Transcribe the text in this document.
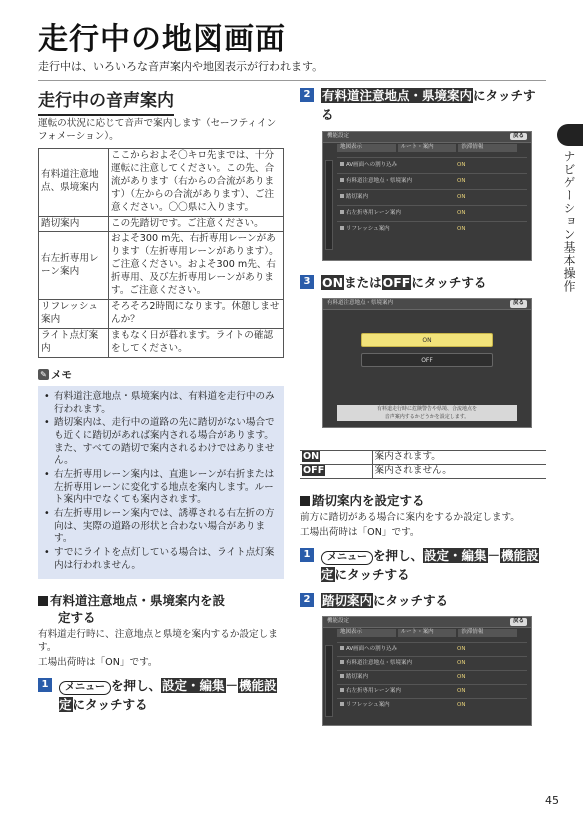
走行中の地図画面
走行中は、いろいろな音声案内や地図表示が行われます。
ナビゲーション基本操作
走行中の音声案内
運転の状況に応じて音声で案内します（セーフティインフォメーション）。
有料道注意地点、県境案内	ここからおよそ〇キロ先までは、十分運転に注意してください。この先、合流があります（右からの合流があります）（左からの合流があります）、ご注意ください。〇〇県に入ります。
踏切案内	この先踏切です。ご注意ください。
右左折専用レーン案内	およそ300 m先、右折専用レーンがあります（左折専用レーンがあります）。ご注意ください。およそ300 m先、右折専用、及び左折専用レーンがあります。ご注意ください。
リフレッシュ案内	そろそろ2時間になります。休憩しませんか？
ライト点灯案内	まもなく日が暮れます。ライトの確認をしてください。
✎ メモ
• 有料道注意地点・県境案内は、有料道を走行中のみ行われます。
• 踏切案内は、走行中の道路の先に踏切がない場合でも近くに踏切があれば案内される場合があります。また、すべての踏切で案内されるわけではありません。
• 右左折専用レーン案内は、直進レーンが右折または左折専用レーンに変化する地点を案内します。ルート案内中でなくても案内されます。
• 右左折専用レーン案内では、誘導される右左折の方向は、実際の道路の形状と合わない場合があります。
• すでにライトを点灯している場合は、ライト点灯案内は行われません。
有料道注意地点・県境案内を設
定する
有料道走行時に、注意地点と県境を案内するか設定します。
工場出荷時は「ON」です。
1	メニュー を押し、設定・編集－機能設定にタッチする
2 有料道注意地点・県境案内にタッチする
機能設定	戻る
地図表示	ルート・案内	渋滞情報
AV画面への割り込み	ON
有料道注意地点・県境案内	ON
踏切案内	ON
右左折専用レーン案内	ON
リフレッシュ案内	ON
3 ONまたはOFFにタッチする
有料道注意地点・県境案内	戻る
ON
OFF
有料道走行時に危険警告や県境、合流地点を
音声案内するかどうかを設定します。
ON	案内されます。
OFF	案内されません。
踏切案内を設定する
前方に踏切がある場合に案内をするか設定します。
工場出荷時は「ON」です。
1	メニュー を押し、設定・編集－機能設定にタッチする
2 踏切案内にタッチする
機能設定	戻る
地図表示	ルート・案内	渋滞情報
AV画面への割り込み	ON
有料道注意地点・県境案内	ON
踏切案内	ON
右左折専用レーン案内	ON
リフレッシュ案内	ON
45
